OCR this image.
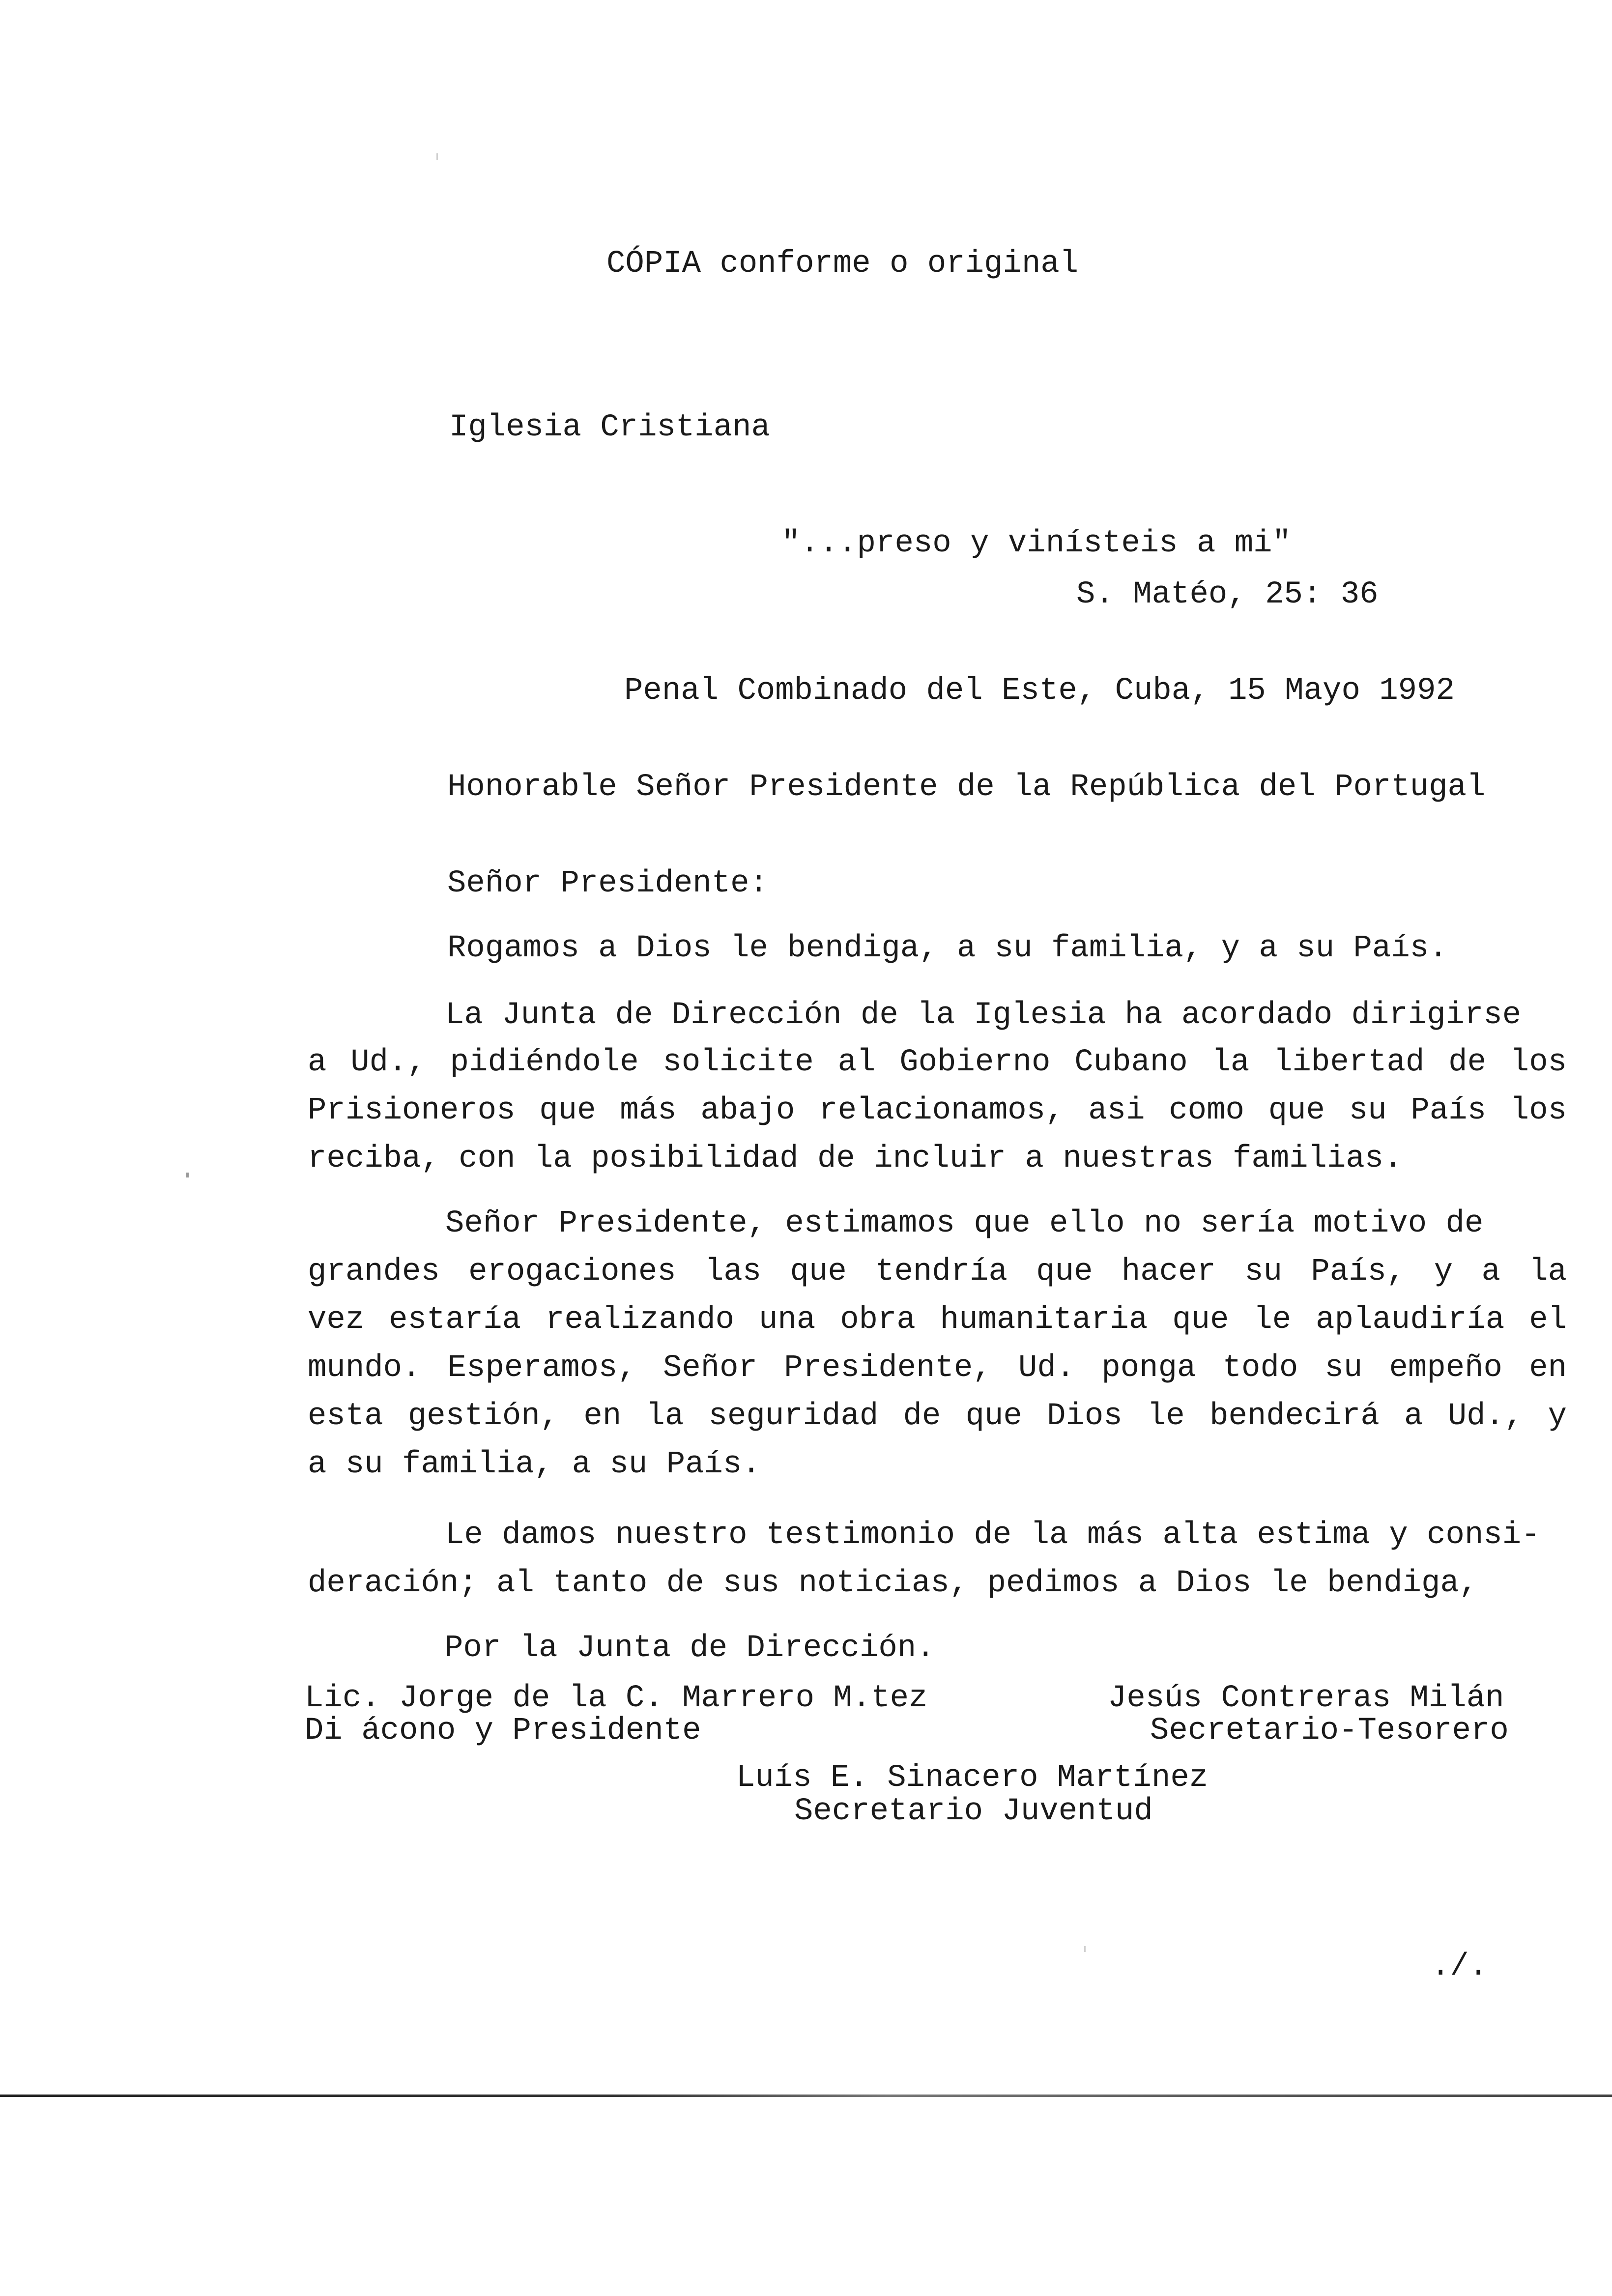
CÓPIA conforme o original
Iglesia Cristiana
"...preso y vinísteis a mi"
S. Matéo, 25: 36
Penal Combinado del Este, Cuba, 15 Mayo 1992
Honorable Señor Presidente de la República del Portugal
Señor Presidente:
Rogamos a Dios le bendiga, a su familia, y a su País.
La Junta de Dirección de la Iglesia ha acordado dirigirse
a Ud., pidiéndole solicite al Gobierno Cubano la libertad de los
Prisioneros que más abajo relacionamos, asi como que su País los
reciba, con la posibilidad de incluir a nuestras familias.
Señor Presidente, estimamos que ello no sería motivo de
grandes erogaciones las que tendría que hacer su País, y a la
vez estaría realizando una obra humanitaria que le aplaudiría el
mundo. Esperamos, Señor Presidente, Ud. ponga todo su empeño en
esta gestión, en la seguridad de que Dios le bendecirá a Ud., y
a su familia, a su País.
Le damos nuestro testimonio de la más alta estima y consi-
deración; al tanto de sus noticias, pedimos a Dios le bendiga,
Por la Junta de Dirección.
Lic. Jorge de la C. Marrero M.tez
Di ácono y Presidente
Jesús Contreras Milán
Secretario-Tesorero
Luís E. Sinacero Martínez
Secretario Juventud
./.
